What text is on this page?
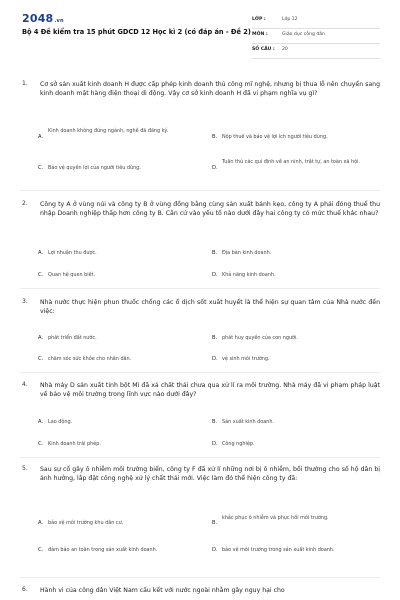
2048.vn
Bộ 4 Đề kiểm tra 15 phút GDCD 12 Học kì 2 (có đáp án - Đề 2)
LỚP :	Lớp 12
MÔN :	Giáo dục công dân
SỐ CÂU : 20
1. Cơ sở sản xuất kinh doanh H được cấp phép kinh doanh thủ công mĩ nghệ, nhưng bị thua lỗ nên chuyển sang kinh doanh mặt hàng điện thoại di động. Vậy cơ sở kinh doanh H đã vi phạm nghĩa vụ gì?
A.
Kinh doanh không đúng ngành, nghề đã đăng ký.
B. Nộp thuế và bảo vệ lợi ích người tiêu dùng.
C. Bảo vệ quyền lợi của người tiêu dùng.	D.
Tuân thủ các qui định về an ninh, trật tự, an toàn xã hội.
2. Công ty A ở vùng núi và công ty B ở vùng đồng bằng cùng sản xuất bánh kẹo, công ty A phải đóng thuế thu nhập Doanh nghiệp thấp hơn công ty B. Căn cứ vào yếu tố nào dưới đây hai công ty có mức thuế khác nhau?
A. Lợi nhuận thu được.	B. Địa bàn kinh doanh.
C. Quan hệ quen biết.	D. Khả năng kinh doanh.
3. Nhà nước thực hiện phun thuốc chống các ổ dịch sốt xuất huyết là thể hiện sự quan tâm của Nhà nước đến việc:
A. phát triển đất nước.	B. phát huy quyền của con người.
C. chăm sóc sức khỏe cho nhân dân.	D. vệ sinh môi trường.
4. Nhà máy D sản xuất tinh bột Mì đã xả chất thải chưa qua xử lí ra môi trường. Nhà máy đã vi phạm pháp luật về bảo vệ môi trường trong lĩnh vực nào dưới đây?
A. Lao động.	B. Sản xuất kinh doanh.
C. Kinh doanh trái phép.	D. Công nghiệp.
5. Sau sự cố gây ô nhiễm môi trường biển, công ty F đã xử lí những nơi bị ô nhiễm, bồi thường cho số hộ dân bị ảnh hưởng, lắp đặt công nghệ xử lý chất thải mới. Việc làm đó thể hiện công ty đã:
A. bảo vệ môi trường khu dân cư.	B.
khắc phục ô nhiễm và phục hồi môi trường.
C. đảm bảo an toàn trong sản xuất kinh doanh.	D. bảo vệ môi trường trong sản xuất kinh doanh.
6. Hành vi của công dân Việt Nam cấu kết với nước ngoài nhằm gây nguy hại cho
